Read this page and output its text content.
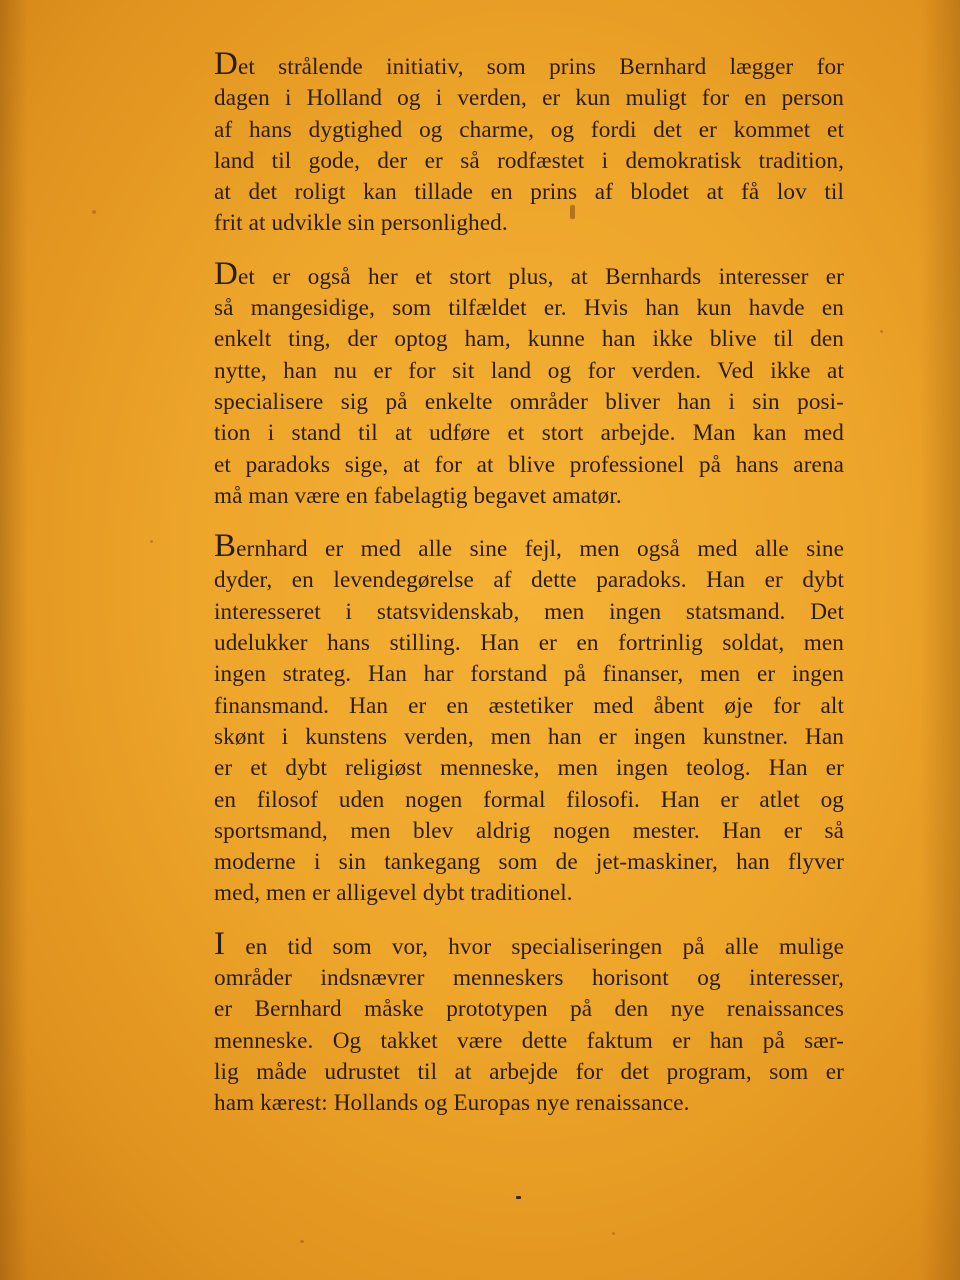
Det strålende initiativ, som prins Bernhard lægger for
dagen i Holland og i verden, er kun muligt for en person
af hans dygtighed og charme, og fordi det er kommet et
land til gode, der er så rodfæstet i demokratisk tradition,
at det roligt kan tillade en prins af blodet at få lov til
frit at udvikle sin personlighed.

Det er også her et stort plus, at Bernhards interesser er
så mangesidige, som tilfældet er. Hvis han kun havde en
enkelt ting, der optog ham, kunne han ikke blive til den
nytte, han nu er for sit land og for verden. Ved ikke at
specialisere sig på enkelte områder bliver han i sin posi-
tion i stand til at udføre et stort arbejde. Man kan med
et paradoks sige, at for at blive professionel på hans arena
må man være en fabelagtig begavet amatør.

Bernhard er med alle sine fejl, men også med alle sine
dyder, en levendegørelse af dette paradoks. Han er dybt
interesseret i statsvidenskab, men ingen statsmand. Det
udelukker hans stilling. Han er en fortrinlig soldat, men
ingen strateg. Han har forstand på finanser, men er ingen
finansmand. Han er en æstetiker med åbent øje for alt
skønt i kunstens verden, men han er ingen kunstner. Han
er et dybt religiøst menneske, men ingen teolog. Han er
en filosof uden nogen formal filosofi. Han er atlet og
sportsmand, men blev aldrig nogen mester. Han er så
moderne i sin tankegang som de jet-maskiner, han flyver
med, men er alligevel dybt traditionel.

I en tid som vor, hvor specialiseringen på alle mulige
områder indsnævrer menneskers horisont og interesser,
er Bernhard måske prototypen på den nye renaissances
menneske. Og takket være dette faktum er han på sær-
lig måde udrustet til at arbejde for det program, som er
ham kærest: Hollands og Europas nye renaissance.
